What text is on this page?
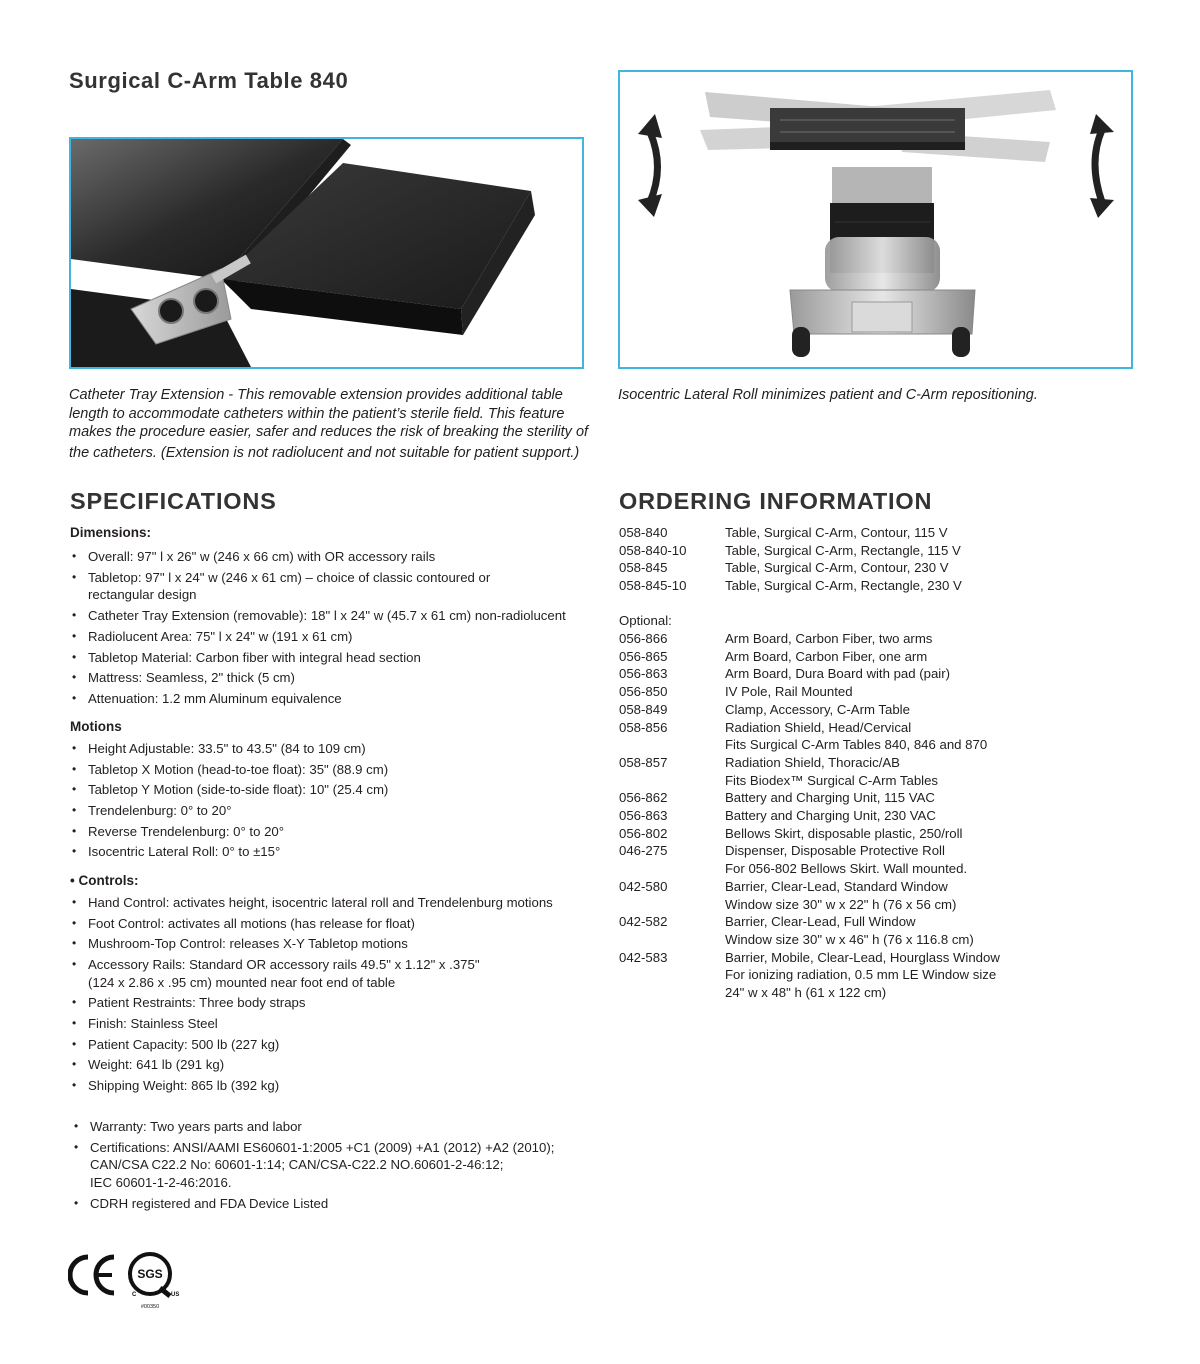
Surgical C-Arm Table 840
Catheter Tray Extension - This removable extension provides additional table
length to accommodate catheters within the patient’s sterile field. This feature
makes the procedure easier, safer and reduces the risk of breaking the sterility of
the catheters. (Extension is not radiolucent and not suitable for patient support.)
Isocentric Lateral Roll minimizes patient and C-Arm repositioning.
SPECIFICATIONS
Dimensions:
• Overall: 97" l x 26" w (246 x 66 cm) with OR accessory rails
• Tabletop: 97" l x 24" w (246 x 61 cm) – choice of classic contoured or
rectangular design
• Catheter Tray Extension (removable): 18" l x 24" w (45.7 x 61 cm) non-radiolucent
• Radiolucent Area: 75" l x 24" w (191 x 61 cm)
• Tabletop Material: Carbon fiber with integral head section
• Mattress: Seamless, 2" thick (5 cm)
• Attenuation: 1.2 mm Aluminum equivalence
Motions
• Height Adjustable: 33.5" to 43.5" (84 to 109 cm)
• Tabletop X Motion (head-to-toe float): 35" (88.9 cm)
• Tabletop Y Motion (side-to-side float): 10" (25.4 cm)
• Trendelenburg: 0° to 20°
• Reverse Trendelenburg: 0° to 20°
• Isocentric Lateral Roll: 0° to ±15°
• Controls:
• Hand Control: activates height, isocentric lateral roll and Trendelenburg motions
• Foot Control: activates all motions (has release for float)
• Mushroom-Top Control: releases X-Y Tabletop motions
• Accessory Rails: Standard OR accessory rails 49.5" x 1.12" x .375"
(124 x 2.86 x .95 cm) mounted near foot end of table
• Patient Restraints: Three body straps
• Finish: Stainless Steel
• Patient Capacity: 500 lb (227 kg)
• Weight: 641 lb (291 kg)
• Shipping Weight: 865 lb (392 kg)
• Warranty: Two years parts and labor
• Certifications: ANSI/AAMI ES60601-1:2005 +C1 (2009) +A1 (2012) +A2 (2010);
CAN/CSA C22.2 No: 60601-1:14; CAN/CSA-C22.2 NO.60601-2-46:12;
IEC 60601-1-2-46:2016.
• CDRH registered and FDA Device Listed
ORDERING INFORMATION
058-840	Table, Surgical C-Arm, Contour, 115 V
058-840-10	Table, Surgical C-Arm, Rectangle, 115 V
058-845	Table, Surgical C-Arm, Contour, 230 V
058-845-10	Table, Surgical C-Arm, Rectangle, 230 V
Optional:
056-866	Arm Board, Carbon Fiber, two arms
056-865	Arm Board, Carbon Fiber, one arm
056-863	Arm Board, Dura Board with pad (pair)
056-850	IV Pole, Rail Mounted
058-849	Clamp, Accessory, C-Arm Table
058-856	Radiation Shield, Head/Cervical
Fits Surgical C-Arm Tables 840, 846 and 870
058-857	Radiation Shield, Thoracic/AB
Fits Biodex™ Surgical C-Arm Tables
056-862	Battery and Charging Unit, 115 VAC
056-863	Battery and Charging Unit, 230 VAC
056-802	Bellows Skirt, disposable plastic, 250/roll
046-275	Dispenser, Disposable Protective Roll
For 056-802 Bellows Skirt. Wall mounted.
042-580	Barrier, Clear-Lead, Standard Window
Window size 30" w x 22" h (76 x 56 cm)
042-582	Barrier, Clear-Lead, Full Window
Window size 30" w x 46" h (76 x 116.8 cm)
042-583	Barrier, Mobile, Clear-Lead, Hourglass Window
For ionizing radiation, 0.5 mm LE Window size
24" w x 48" h (61 x 122 cm)
SGS
C	US
#00350
